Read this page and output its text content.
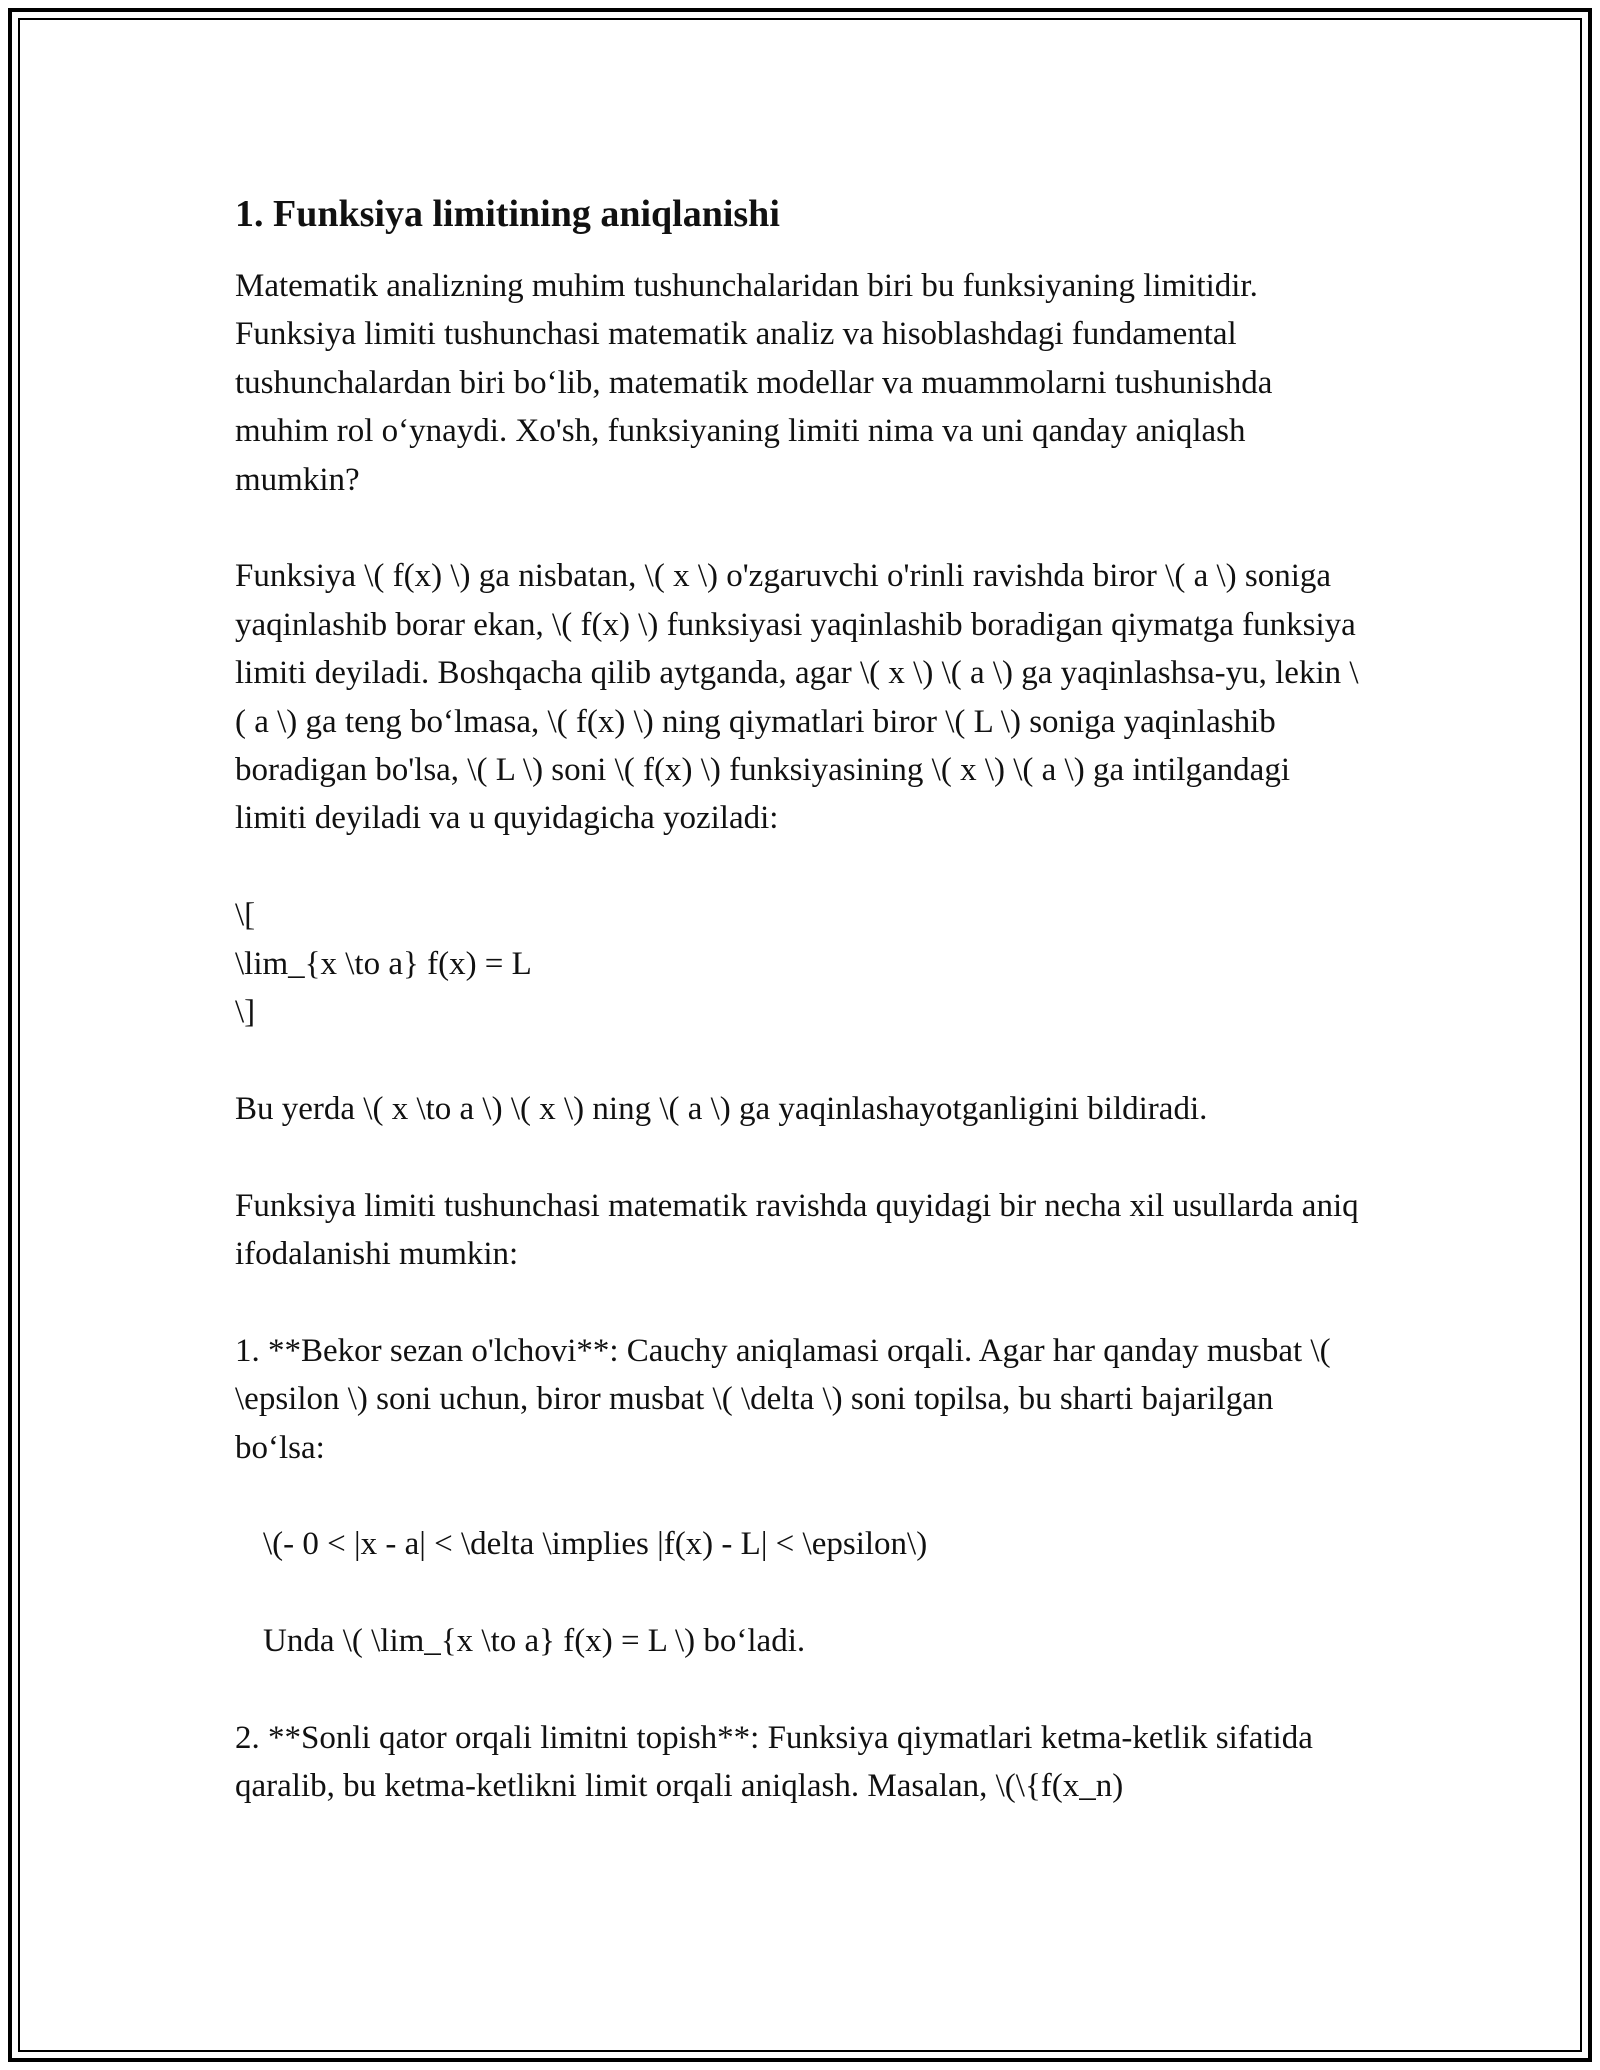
1. Funksiya limitining aniqlanishi

Matematik analizning muhim tushunchalaridan biri bu funksiyaning limitidir. Funksiya limiti tushunchasi matematik analiz va hisoblashdagi fundamental tushunchalardan biri bo‘lib, matematik modellar va muammolarni tushunishda muhim rol o‘ynaydi. Xo'sh, funksiyaning limiti nima va uni qanday aniqlash mumkin?

Funksiya \( f(x) \) ga nisbatan, \( x \) o'zgaruvchi o'rinli ravishda biror \( a \) soniga yaqinlashib borar ekan, \( f(x) \) funksiyasi yaqinlashib boradigan qiymatga funksiya limiti deyiladi. Boshqacha qilib aytganda, agar \( x \) \( a \) ga yaqinlashsa-yu, lekin \( a \) ga teng bo‘lmasa, \( f(x) \) ning qiymatlari biror \( L \) soniga yaqinlashib boradigan bo'lsa, \( L \) soni \( f(x) \) funksiyasining \( x \) \( a \) ga intilgandagi limiti deyiladi va u quyidagicha yoziladi:

\[
\lim_{x \to a} f(x) = L
\]

Bu yerda \( x \to a \) \( x \) ning \( a \) ga yaqinlashayotganligini bildiradi.

Funksiya limiti tushunchasi matematik ravishda quyidagi bir necha xil usullarda aniq ifodalanishi mumkin:

1. **Bekor sezan o'lchovi**: Cauchy aniqlamasi orqali. Agar har qanday musbat \( \epsilon \) soni uchun, biror musbat \( \delta \) soni topilsa, bu sharti bajarilgan bo‘lsa:

\(- 0 < |x - a| < \delta \implies |f(x) - L| < \epsilon\)

Unda \( \lim_{x \to a} f(x) = L \) bo‘ladi.

2. **Sonli qator orqali limitni topish**: Funksiya qiymatlari ketma-ketlik sifatida qaralib, bu ketma-ketlikni limit orqali aniqlash. Masalan, \(\{f(x_n)
